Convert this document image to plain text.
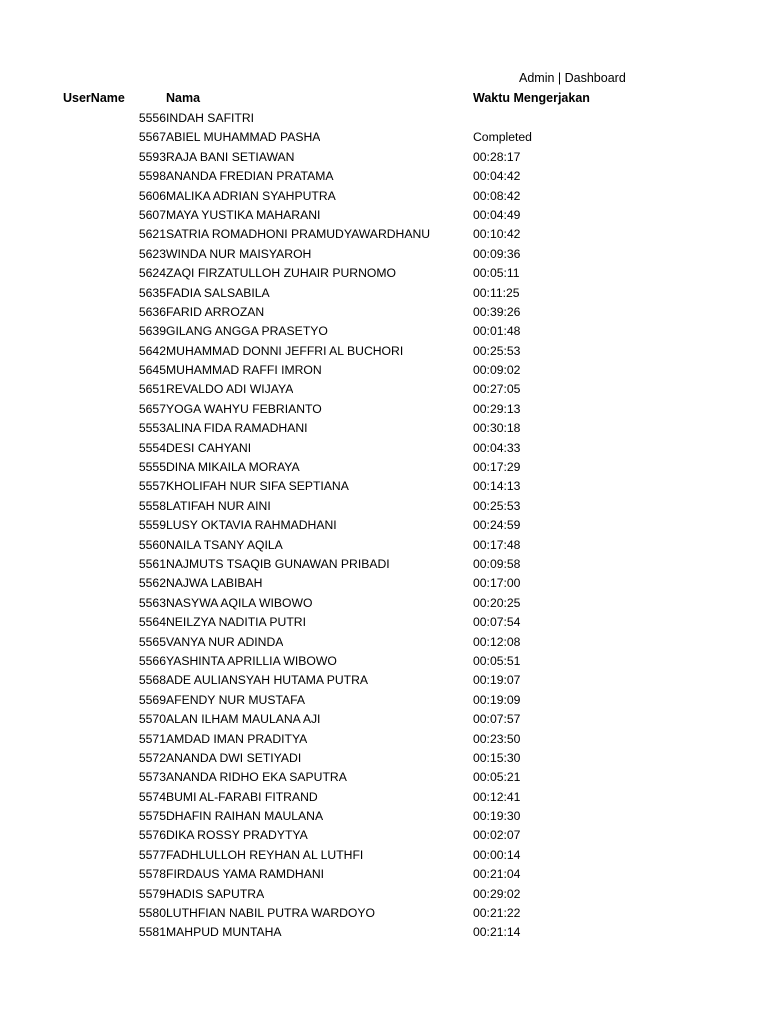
Admin | Dashboard
UserName	Nama	Waktu Mengerjakan
5556 INDAH SAFITRI
5567 ABIEL MUHAMMAD PASHA	Completed
5593 RAJA BANI SETIAWAN	00:28:17
5598 ANANDA FREDIAN PRATAMA	00:04:42
5606 MALIKA ADRIAN SYAHPUTRA	00:08:42
5607 MAYA YUSTIKA MAHARANI	00:04:49
5621 SATRIA ROMADHONI PRAMUDYAWARDHANU	00:10:42
5623 WINDA NUR MAISYAROH	00:09:36
5624 ZAQI FIRZATULLOH ZUHAIR PURNOMO	00:05:11
5635 FADIA SALSABILA	00:11:25
5636 FARID ARROZAN	00:39:26
5639 GILANG ANGGA PRASETYO	00:01:48
5642 MUHAMMAD DONNI JEFFRI AL BUCHORI	00:25:53
5645 MUHAMMAD RAFFI IMRON	00:09:02
5651 REVALDO ADI WIJAYA	00:27:05
5657 YOGA WAHYU FEBRIANTO	00:29:13
5553 ALINA FIDA RAMADHANI	00:30:18
5554 DESI CAHYANI	00:04:33
5555 DINA MIKAILA MORAYA	00:17:29
5557 KHOLIFAH NUR SIFA SEPTIANA	00:14:13
5558 LATIFAH NUR AINI	00:25:53
5559 LUSY OKTAVIA RAHMADHANI	00:24:59
5560 NAILA TSANY AQILA	00:17:48
5561 NAJMUTS TSAQIB GUNAWAN PRIBADI	00:09:58
5562 NAJWA LABIBAH	00:17:00
5563 NASYWA AQILA WIBOWO	00:20:25
5564 NEILZYA NADITIA PUTRI	00:07:54
5565 VANYA NUR ADINDA	00:12:08
5566 YASHINTA APRILLIA WIBOWO	00:05:51
5568 ADE AULIANSYAH HUTAMA PUTRA	00:19:07
5569 AFENDY NUR MUSTAFA	00:19:09
5570 ALAN ILHAM MAULANA AJI	00:07:57
5571 AMDAD IMAN PRADITYA	00:23:50
5572 ANANDA DWI SETIYADI	00:15:30
5573 ANANDA RIDHO EKA SAPUTRA	00:05:21
5574 BUMI AL-FARABI FITRAND	00:12:41
5575 DHAFIN RAIHAN MAULANA	00:19:30
5576 DIKA ROSSY PRADYTYA	00:02:07
5577 FADHLULLOH REYHAN AL LUTHFI	00:00:14
5578 FIRDAUS YAMA RAMDHANI	00:21:04
5579 HADIS SAPUTRA	00:29:02
5580 LUTHFIAN NABIL PUTRA WARDOYO	00:21:22
5581 MAHPUD MUNTAHA	00:21:14
